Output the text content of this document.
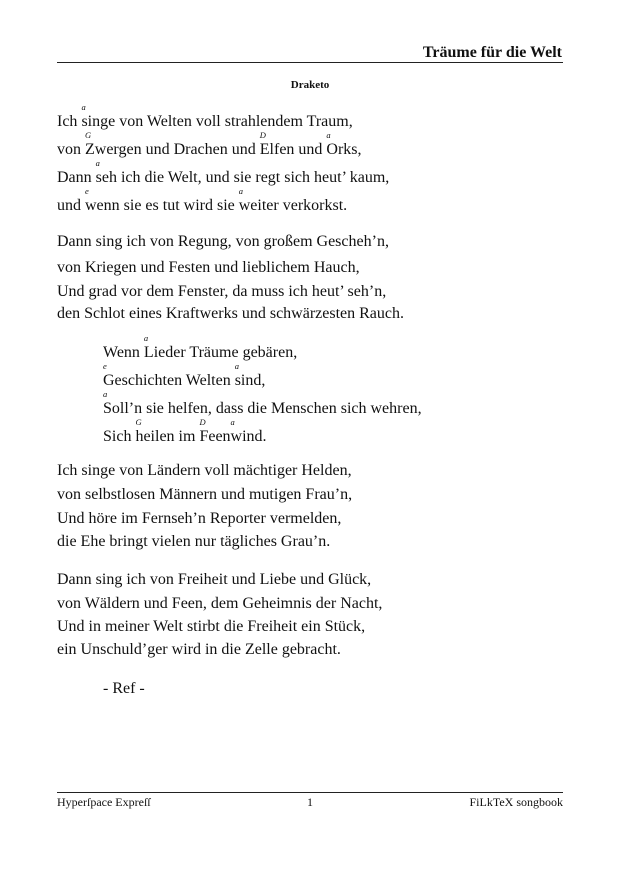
Träume für die Welt
Draketo
Ich
a
singe von Welten voll strahlendem Traum,
von
G
Zwergen und Drachen und
D
Elfen und
a
Orks,
Dann
a
seh ich die Welt, und sie regt sich heut’ kaum,
und
e
wenn sie es tut wird sie
a
weiter verkorkst.
Dann sing ich von Regung, von großem Gescheh’n,
von Kriegen und Festen und lieblichem Hauch,
Und grad vor dem Fenster, da muss ich heut’ seh’n,
den Schlot eines Kraftwerks und schwärzesten Rauch.
Wenn
a
Lieder Träume gebären,
e
Geschichten Welten
a
sind,
a
Soll’n sie helfen, dass die Menschen sich wehren,
Sich
G
heilen im
D
Feen
a
wind.
Ich singe von Ländern voll mächtiger Helden,
von selbstlosen Männern und mutigen Frau’n,
Und höre im Fernseh’n Reporter vermelden,
die Ehe bringt vielen nur tägliches Grau’n.
Dann sing ich von Freiheit und Liebe und Glück,
von Wäldern und Feen, dem Geheimnis der Nacht,
Und in meiner Welt stirbt die Freiheit ein Stück,
ein Unschuld’ger wird in die Zelle gebracht.
- Ref -
Hyperſpace Expreſſ	1	FiLkTeX songbook
